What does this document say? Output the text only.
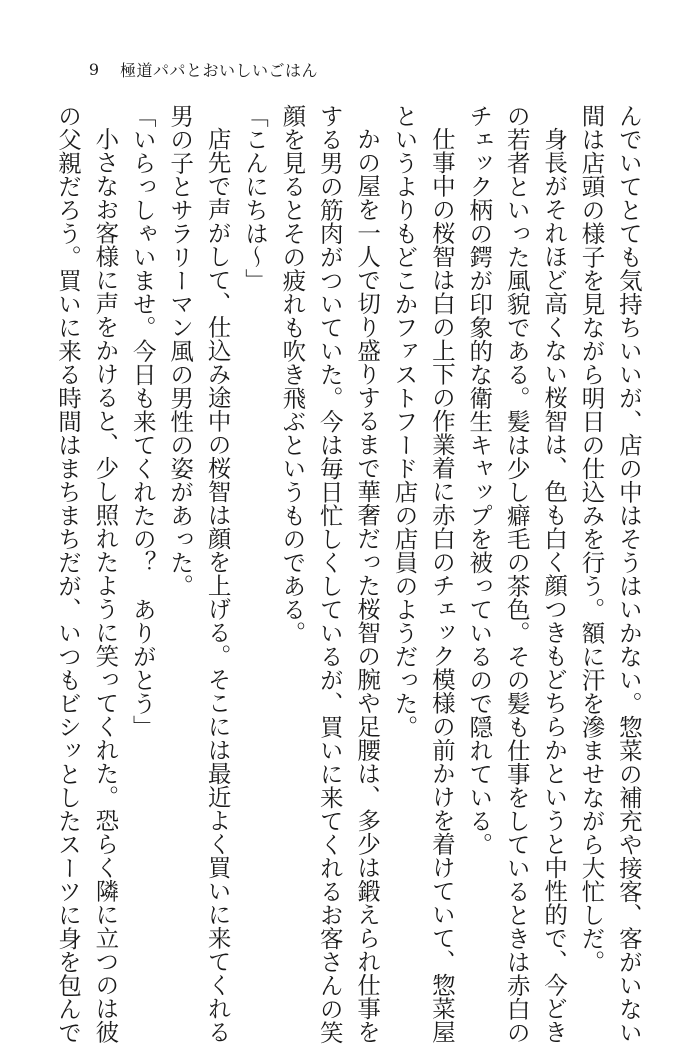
9	極道パパとおいしいごはん
んでいてとても気持ちいいが、店の中はそうはいかない。惣菜の補充や接客、客がいない
間は店頭の様子を見ながら明日の仕込みを行う。額に汗を滲ませながら大忙しだ。
身長がそれほど高くない桜智は、色も白く顔つきもどちらかというと中性的で、今どき
の若者といった風貌である。髪は少し癖毛の茶色。その髪も仕事をしているときは赤白の
チェック柄の鍔が印象的な衛生キャップを被っているので隠れている。
仕事中の桜智は白の上下の作業着に赤白のチェック模様の前かけを着けていて、惣菜屋
というよりもどこかファストフード店の店員のようだった。
かの屋を一人で切り盛りするまで華奢だった桜智の腕や足腰は、多少は鍛えられ仕事を
する男の筋肉がついていた。今は毎日忙しくしているが、買いに来てくれるお客さんの笑
顔を見るとその疲れも吹き飛ぶというものである。
「こんにちは〜」
店先で声がして、仕込み途中の桜智は顔を上げる。そこには最近よく買いに来てくれる
男の子とサラリーマン風の男性の姿があった。
「いらっしゃいませ。今日も来てくれたの？　ありがとう」
小さなお客様に声をかけると、少し照れたように笑ってくれた。恐らく隣に立つのは彼
の父親だろう。買いに来る時間はまちまちだが、いつもビシッとしたスーツに身を包んで
